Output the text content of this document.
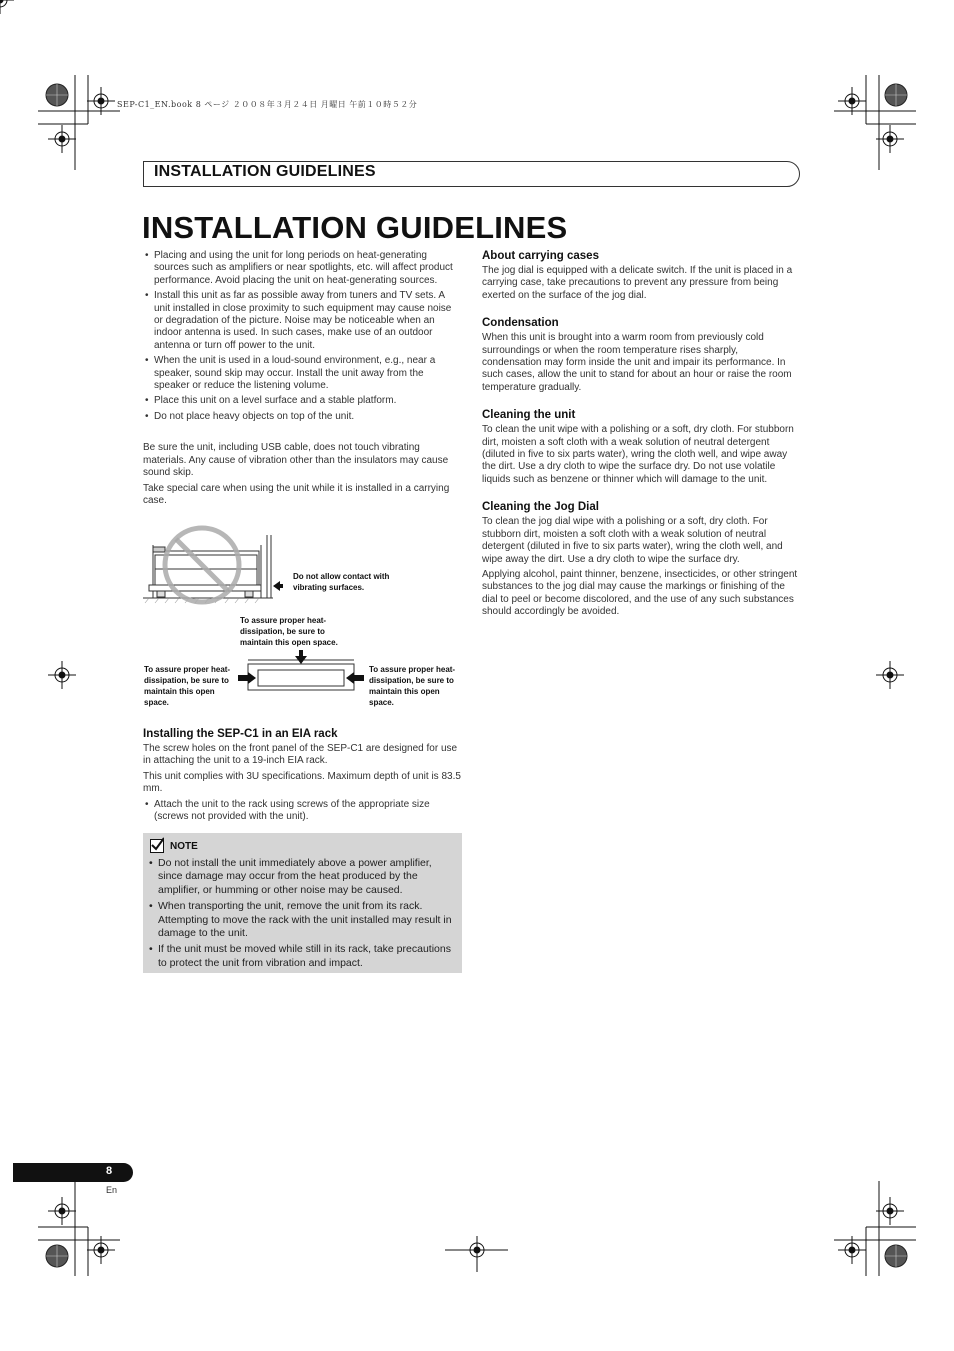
SEP-C1_EN.book 8 ページ ２００８年３月２４日 月曜日 午前１０時５２分
INSTALLATION GUIDELINES
INSTALLATION GUIDELINES
• Placing and using the unit for long periods on heat-generating sources such as amplifiers or near spotlights, etc. will affect product performance. Avoid placing the unit on heat-generating sources.
• Install this unit as far as possible away from tuners and TV sets. A unit installed in close proximity to such equipment may cause noise or degradation of the picture. Noise may be noticeable when an indoor antenna is used. In such cases, make use of an outdoor antenna or turn off power to the unit.
• When the unit is used in a loud-sound environment, e.g., near a speaker, sound skip may occur. Install the unit away from the speaker or reduce the listening volume.
• Place this unit on a level surface and a stable platform.
• Do not place heavy objects on top of the unit.

Be sure the unit, including USB cable, does not touch vibrating materials. Any cause of vibration other than the insulators may cause sound skip.

Take special care when using the unit while it is installed in a carrying case.

Do not allow contact with vibrating surfaces.
To assure proper heat-dissipation, be sure to maintain this open space.
To assure proper heat-dissipation, be sure to maintain this open space.
To assure proper heat-dissipation, be sure to maintain this open space.
Installing the SEP-C1 in an EIA rack

The screw holes on the front panel of the SEP-C1 are designed for use in attaching the unit to a 19-inch EIA rack.

This unit complies with 3U specifications. Maximum depth of unit is 83.5 mm.

• Attach the unit to the rack using screws of the appropriate size (screws not provided with the unit).
NOTE
• Do not install the unit immediately above a power amplifier, since damage may occur from the heat produced by the amplifier, or humming or other noise may be caused.
• When transporting the unit, remove the unit from its rack. Attempting to move the rack with the unit installed may result in damage to the unit.
• If the unit must be moved while still in its rack, take precautions to protect the unit from vibration and impact.
About carrying cases

The jog dial is equipped with a delicate switch. If the unit is placed in a carrying case, take precautions to prevent any pressure from being exerted on the surface of the jog dial.

Condensation

When this unit is brought into a warm room from previously cold surroundings or when the room temperature rises sharply, condensation may form inside the unit and impair its performance. In such cases, allow the unit to stand for about an hour or raise the room temperature gradually.

Cleaning the unit

To clean the unit wipe with a polishing or a soft, dry cloth. For stubborn dirt, moisten a soft cloth with a weak solution of neutral detergent (diluted in five to six parts water), wring the cloth well, and wipe away the dirt. Use a dry cloth to wipe the surface dry. Do not use volatile liquids such as benzene or thinner which will damage to the unit.

Cleaning the Jog Dial

To clean the jog dial wipe with a polishing or a soft, dry cloth. For stubborn dirt, moisten a soft cloth with a weak solution of neutral detergent (diluted in five to six parts water), wring the cloth well, and wipe away the dirt. Use a dry cloth to wipe the surface dry.

Applying alcohol, paint thinner, benzene, insecticides, or other stringent substances to the jog dial may cause the markings or finishing of the dial to peel or become discolored, and the use of any such substances should accordingly be avoided.

8
En
